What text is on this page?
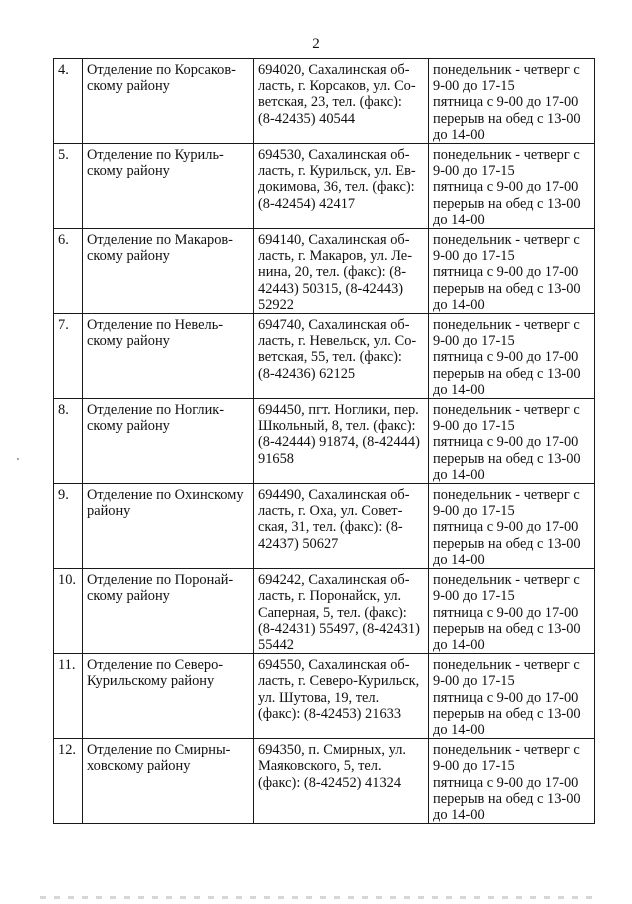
2
4.	Отделение по Корсаков-
скому району	694020, Сахалинская об-
ласть, г. Корсаков, ул. Со-
ветская, 23, тел. (факс):
(8-42435) 40544	понедельник - четверг с
9-00 до 17-15
пятница с 9-00 до 17-00
перерыв на обед с 13-00
до 14-00

5.	Отделение по Куриль-
скому району	694530, Сахалинская об-
ласть, г. Курильск, ул. Ев-
докимова, 36, тел. (факс):
(8-42454) 42417	понедельник - четверг с
9-00 до 17-15
пятница с 9-00 до 17-00
перерыв на обед с 13-00
до 14-00

6.	Отделение по Макаров-
скому району	694140, Сахалинская об-
ласть, г. Макаров, ул. Ле-
нина, 20, тел. (факс): (8-
42443) 50315, (8-42443)
52922	понедельник - четверг с
9-00 до 17-15
пятница с 9-00 до 17-00
перерыв на обед с 13-00
до 14-00

7.	Отделение по Невель-
скому району	694740, Сахалинская об-
ласть, г. Невельск, ул. Со-
ветская, 55, тел. (факс):
(8-42436) 62125	понедельник - четверг с
9-00 до 17-15
пятница с 9-00 до 17-00
перерыв на обед с 13-00
до 14-00

8.	Отделение по Ноглик-
скому району	694450, пгт. Ноглики, пер.
Школьный, 8, тел. (факс):
(8-42444) 91874, (8-42444)
91658	понедельник - четверг с
9-00 до 17-15
пятница с 9-00 до 17-00
перерыв на обед с 13-00
до 14-00

9.	Отделение по Охинскому
району	694490, Сахалинская об-
ласть, г. Оха, ул. Совет-
ская, 31, тел. (факс): (8-
42437) 50627	понедельник - четверг с
9-00 до 17-15
пятница с 9-00 до 17-00
перерыв на обед с 13-00
до 14-00

10.	Отделение по Поронай-
скому району	694242, Сахалинская об-
ласть, г. Поронайск, ул.
Саперная, 5, тел. (факс):
(8-42431) 55497, (8-42431)
55442	понедельник - четверг с
9-00 до 17-15
пятница с 9-00 до 17-00
перерыв на обед с 13-00
до 14-00

11.	Отделение по Северо-
Курильскому району	694550, Сахалинская об-
ласть, г. Северо-Курильск,
ул. Шутова, 19, тел.
(факс): (8-42453) 21633	понедельник - четверг с
9-00 до 17-15
пятница с 9-00 до 17-00
перерыв на обед с 13-00
до 14-00

12.	Отделение по Смирны-
ховскому району	694350, п. Смирных, ул.
Маяковского, 5, тел.
(факс): (8-42452) 41324	понедельник - четверг с
9-00 до 17-15
пятница с 9-00 до 17-00
перерыв на обед с 13-00
до 14-00
